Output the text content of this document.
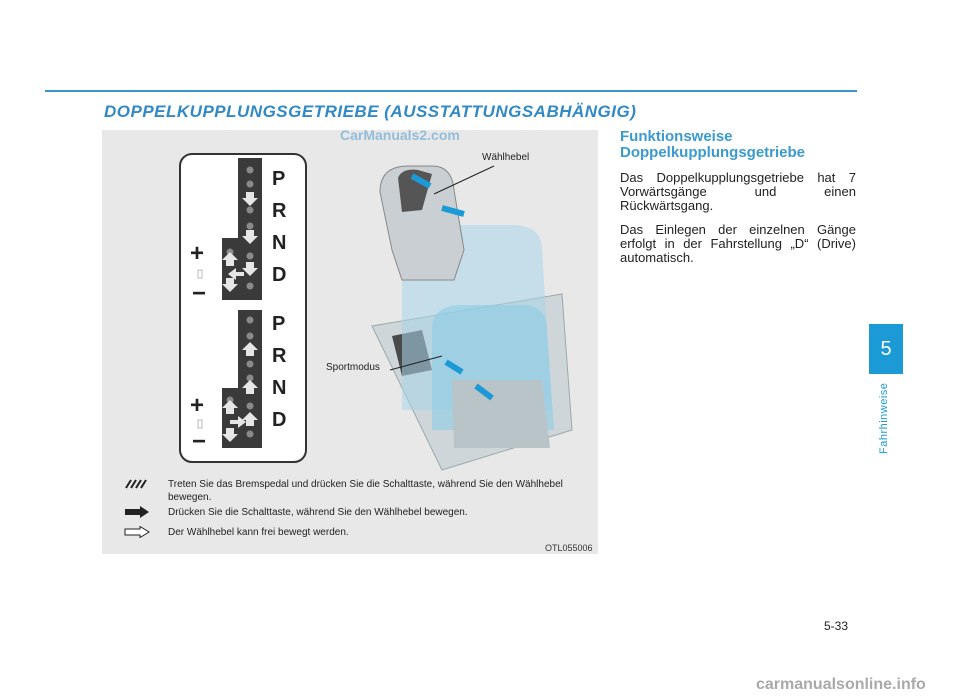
DOPPELKUPPLUNGSGETRIEBE (AUSSTATTUNGSABHÄNGIG)
P
R
N
D
P
R
N
D
+
−
+
−
Wählhebel
Sportmodus
CarManuals2.com
Treten Sie das Bremspedal und drücken Sie die Schalttaste, während Sie den Wählhebel bewegen.
Drücken Sie die Schalttaste, während Sie den Wählhebel bewegen.
Der Wählhebel kann frei bewegt werden.
OTL055006

Funktionsweise

Doppelkupplungsgetriebe

Das Doppelkupplungsgetriebe hat 7 Vorwärtsgänge und einen Rückwärtsgang.

Das Einlegen der einzelnen Gänge erfolgt in der Fahrstellung „D“ (Drive) automatisch.

5
Fahrhinweise
5-33
carmanualsonline.info
